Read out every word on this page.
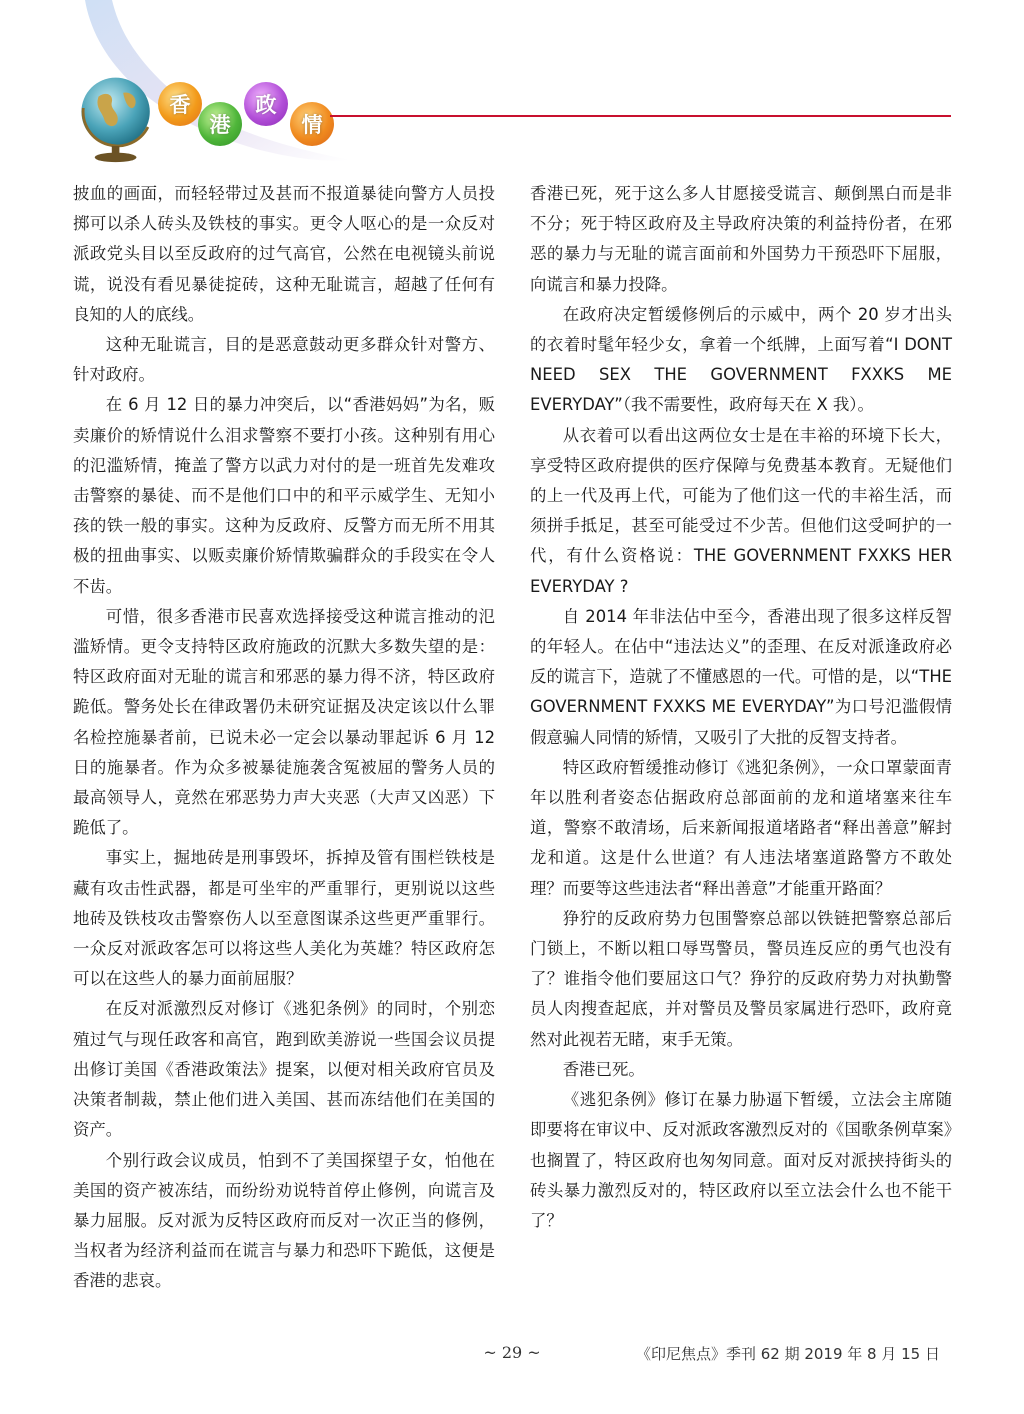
香
港
政
情

披血的画面，而轻轻带过及甚而不报道暴徒向警方人员投掷可以杀人砖头及铁枝的事实。更令人呕心的是一众反对派政党头目以至反政府的过气高官，公然在电视镜头前说谎，说没有看见暴徒掟砖，这种无耻谎言，超越了任何有良知的人的底线。

这种无耻谎言，目的是恶意鼓动更多群众针对警方、针对政府。

在 6 月 12 日的暴力冲突后，以“香港妈妈”为名，贩卖廉价的矫情说什么泪求警察不要打小孩。这种别有用心的氾滥矫情，掩盖了警方以武力对付的是一班首先发难攻击警察的暴徒、而不是他们口中的和平示威学生、无知小孩的铁一般的事实。这种为反政府、反警方而无所不用其极的扭曲事实、以贩卖廉价矫情欺骗群众的手段实在令人不齿。

可惜，很多香港市民喜欢选择接受这种谎言推动的氾滥矫情。更令支持特区政府施政的沉默大多数失望的是：特区政府面对无耻的谎言和邪恶的暴力得不济，特区政府跪低。警务处长在律政署仍未研究证据及决定该以什么罪名检控施暴者前，已说未必一定会以暴动罪起诉 6 月 12 日的施暴者。作为众多被暴徒施袭含冤被屈的警务人员的最高领导人，竟然在邪恶势力声大夹恶（大声又凶恶）下跪低了。

事实上，掘地砖是刑事毁坏，拆掉及管有围栏铁枝是藏有攻击性武器，都是可坐牢的严重罪行，更别说以这些地砖及铁枝攻击警察伤人以至意图谋杀这些更严重罪行。一众反对派政客怎可以将这些人美化为英雄？特区政府怎可以在这些人的暴力面前屈服？

在反对派激烈反对修订《逃犯条例》的同时，个别恋殖过气与现任政客和高官，跑到欧美游说一些国会议员提出修订美国《香港政策法》提案，以便对相关政府官员及决策者制裁，禁止他们进入美国、甚而冻结他们在美国的资产。

个别行政会议成员，怕到不了美国探望子女，怕他在美国的资产被冻结，而纷纷劝说特首停止修例，向谎言及暴力屈服。反对派为反特区政府而反对一次正当的修例，当权者为经济利益而在谎言与暴力和恐吓下跪低，这便是香港的悲哀。

香港已死，死于这么多人甘愿接受谎言、颠倒黑白而是非不分；死于特区政府及主导政府决策的利益持份者，在邪恶的暴力与无耻的谎言面前和外国势力干预恐吓下屈服，向谎言和暴力投降。

在政府决定暂缓修例后的示威中，两个 20 岁才出头的衣着时髦年轻少女，拿着一个纸牌，上面写着“I DONT NEED SEX THE GOVERNMENT FXXKS ME EVERYDAY”（我不需要性，政府每天在 X 我）。

从衣着可以看出这两位女士是在丰裕的环境下长大，享受特区政府提供的医疗保障与免费基本教育。无疑他们的上一代及再上代，可能为了他们这一代的丰裕生活，而须拼手抵足，甚至可能受过不少苦。但他们这受呵护的一代，有什么资格说：THE GOVERNMENT FXXKS HER EVERYDAY ?

自 2014 年非法佔中至今，香港出现了很多这样反智的年轻人。在佔中“违法达义”的歪理、在反对派逢政府必反的谎言下，造就了不懂感恩的一代。可惜的是，以“THE GOVERNMENT FXXKS ME EVERYDAY”为口号氾滥假情假意骗人同情的矫情，又吸引了大批的反智支持者。

特区政府暂缓推动修订《逃犯条例》，一众口罩蒙面青年以胜利者姿态佔据政府总部面前的龙和道堵塞来往车道，警察不敢清场，后来新闻报道堵路者“释出善意”解封龙和道。这是什么世道？有人违法堵塞道路警方不敢处理？而要等这些违法者“释出善意”才能重开路面？

狰狞的反政府势力包围警察总部以铁链把警察总部后门锁上，不断以粗口辱骂警员，警员连反应的勇气也没有了？谁指令他们要屈这口气？狰狞的反政府势力对执勤警员人肉搜查起底，并对警员及警员家属进行恐吓，政府竟然对此视若无睹，束手无策。

香港已死。

《逃犯条例》修订在暴力胁逼下暂缓，立法会主席随即要将在审议中、反对派政客激烈反对的《国歌条例草案》也搁置了，特区政府也匆匆同意。面对反对派挟持街头的砖头暴力激烈反对的，特区政府以至立法会什么也不能干了？

~ 29 ~	《印尼焦点》季刊 62 期 2019 年 8 月 15 日
